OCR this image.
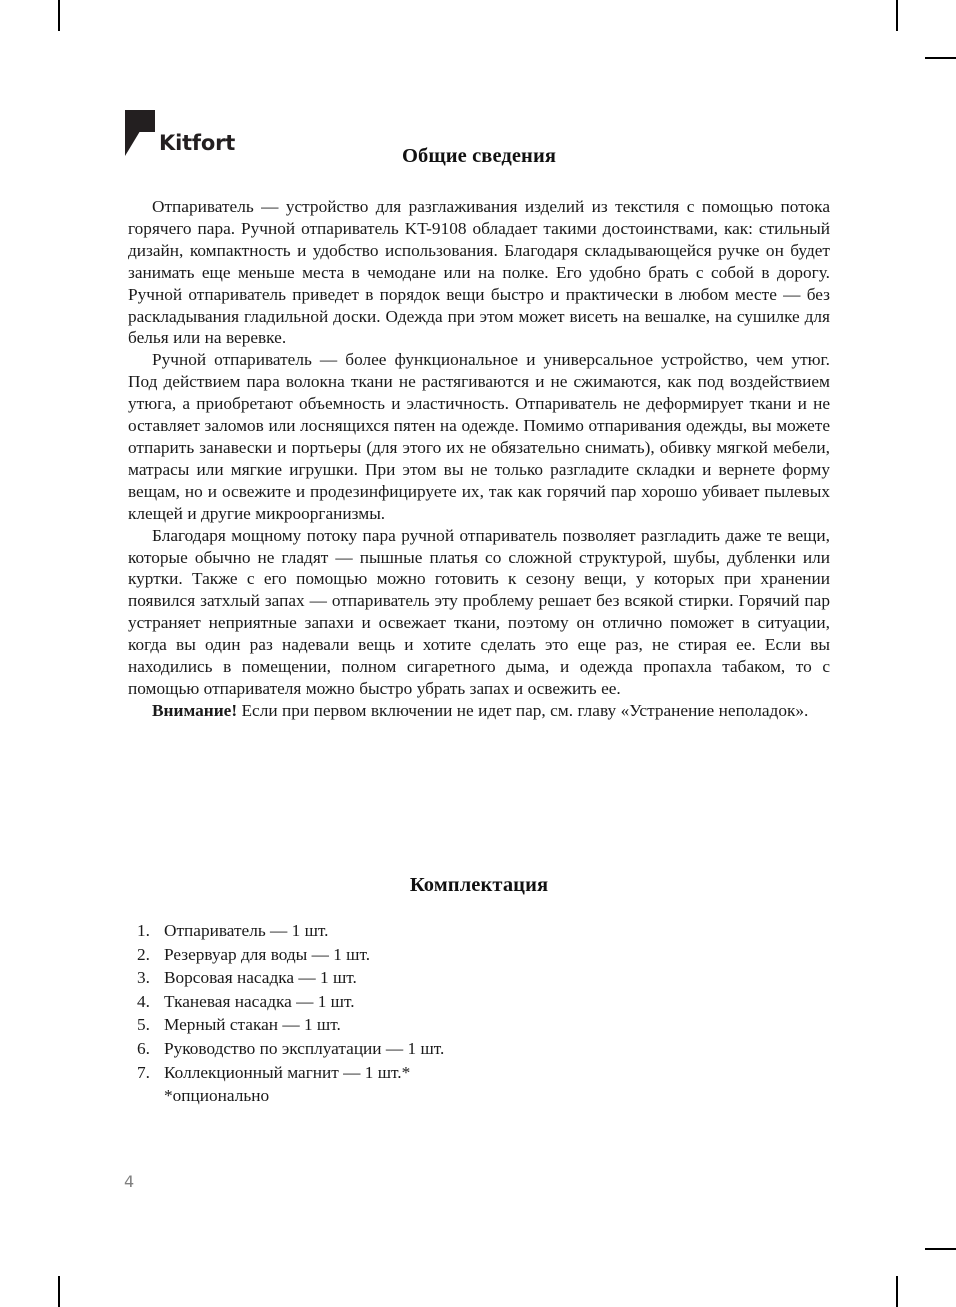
Kitfort
Общие сведения

Отпариватель — устройство для разглаживания изделий из текстиля с помощью потока горячего пара. Ручной отпариватель KT-9108 обладает такими достоинствами, как: стильный дизайн, компактность и удобство использования. Благодаря складывающейся ручке он будет занимать еще меньше места в чемодане или на полке. Его удобно брать с собой в дорогу. Ручной отпариватель приведет в порядок вещи быстро и практически в любом месте — без раскладывания гладильной доски. Одежда при этом может висеть на вешалке, на сушилке для белья или на веревке.

Ручной отпариватель — более функциональное и универсальное устройство, чем утюг. Под действием пара волокна ткани не растягиваются и не сжимаются, как под воздействием утюга, а приобретают объемность и эластичность. Отпариватель не деформирует ткани и не оставляет заломов или лоснящихся пятен на одежде. Помимо отпаривания одежды, вы можете отпарить занавески и портьеры (для этого их не обязательно снимать), обивку мягкой мебели, матрасы или мягкие игрушки. При этом вы не только разгладите складки и вернете форму вещам, но и освежите и продезинфицируете их, так как горячий пар хорошо убивает пылевых клещей и другие микроорганизмы.

Благодаря мощному потоку пара ручной отпариватель позволяет разгладить даже те вещи, которые обычно не гладят — пышные платья со сложной структурой, шубы, дубленки или куртки. Также с его помощью можно готовить к сезону вещи, у которых при хранении появился затхлый запах — отпариватель эту проблему решает без всякой стирки. Горячий пар устраняет неприятные запахи и освежает ткани, поэтому он отлично поможет в ситуации, когда вы один раз надевали вещь и хотите сделать это еще раз, не стирая ее. Если вы находились в помещении, полном сигаретного дыма, и одежда пропахла табаком, то с помощью отпаривателя можно быстро убрать запах и освежить ее.

Внимание! Если при первом включении не идет пар, см. главу «Устранение неполадок».

Комплектация
1. Отпариватель — 1 шт.
2. Резервуар для воды — 1 шт.
3. Ворсовая насадка — 1 шт.
4. Тканевая насадка — 1 шт.
5. Мерный стакан — 1 шт.
6. Руководство по эксплуатации — 1 шт.
7. Коллекционный магнит — 1 шт.*
*опционально
4
